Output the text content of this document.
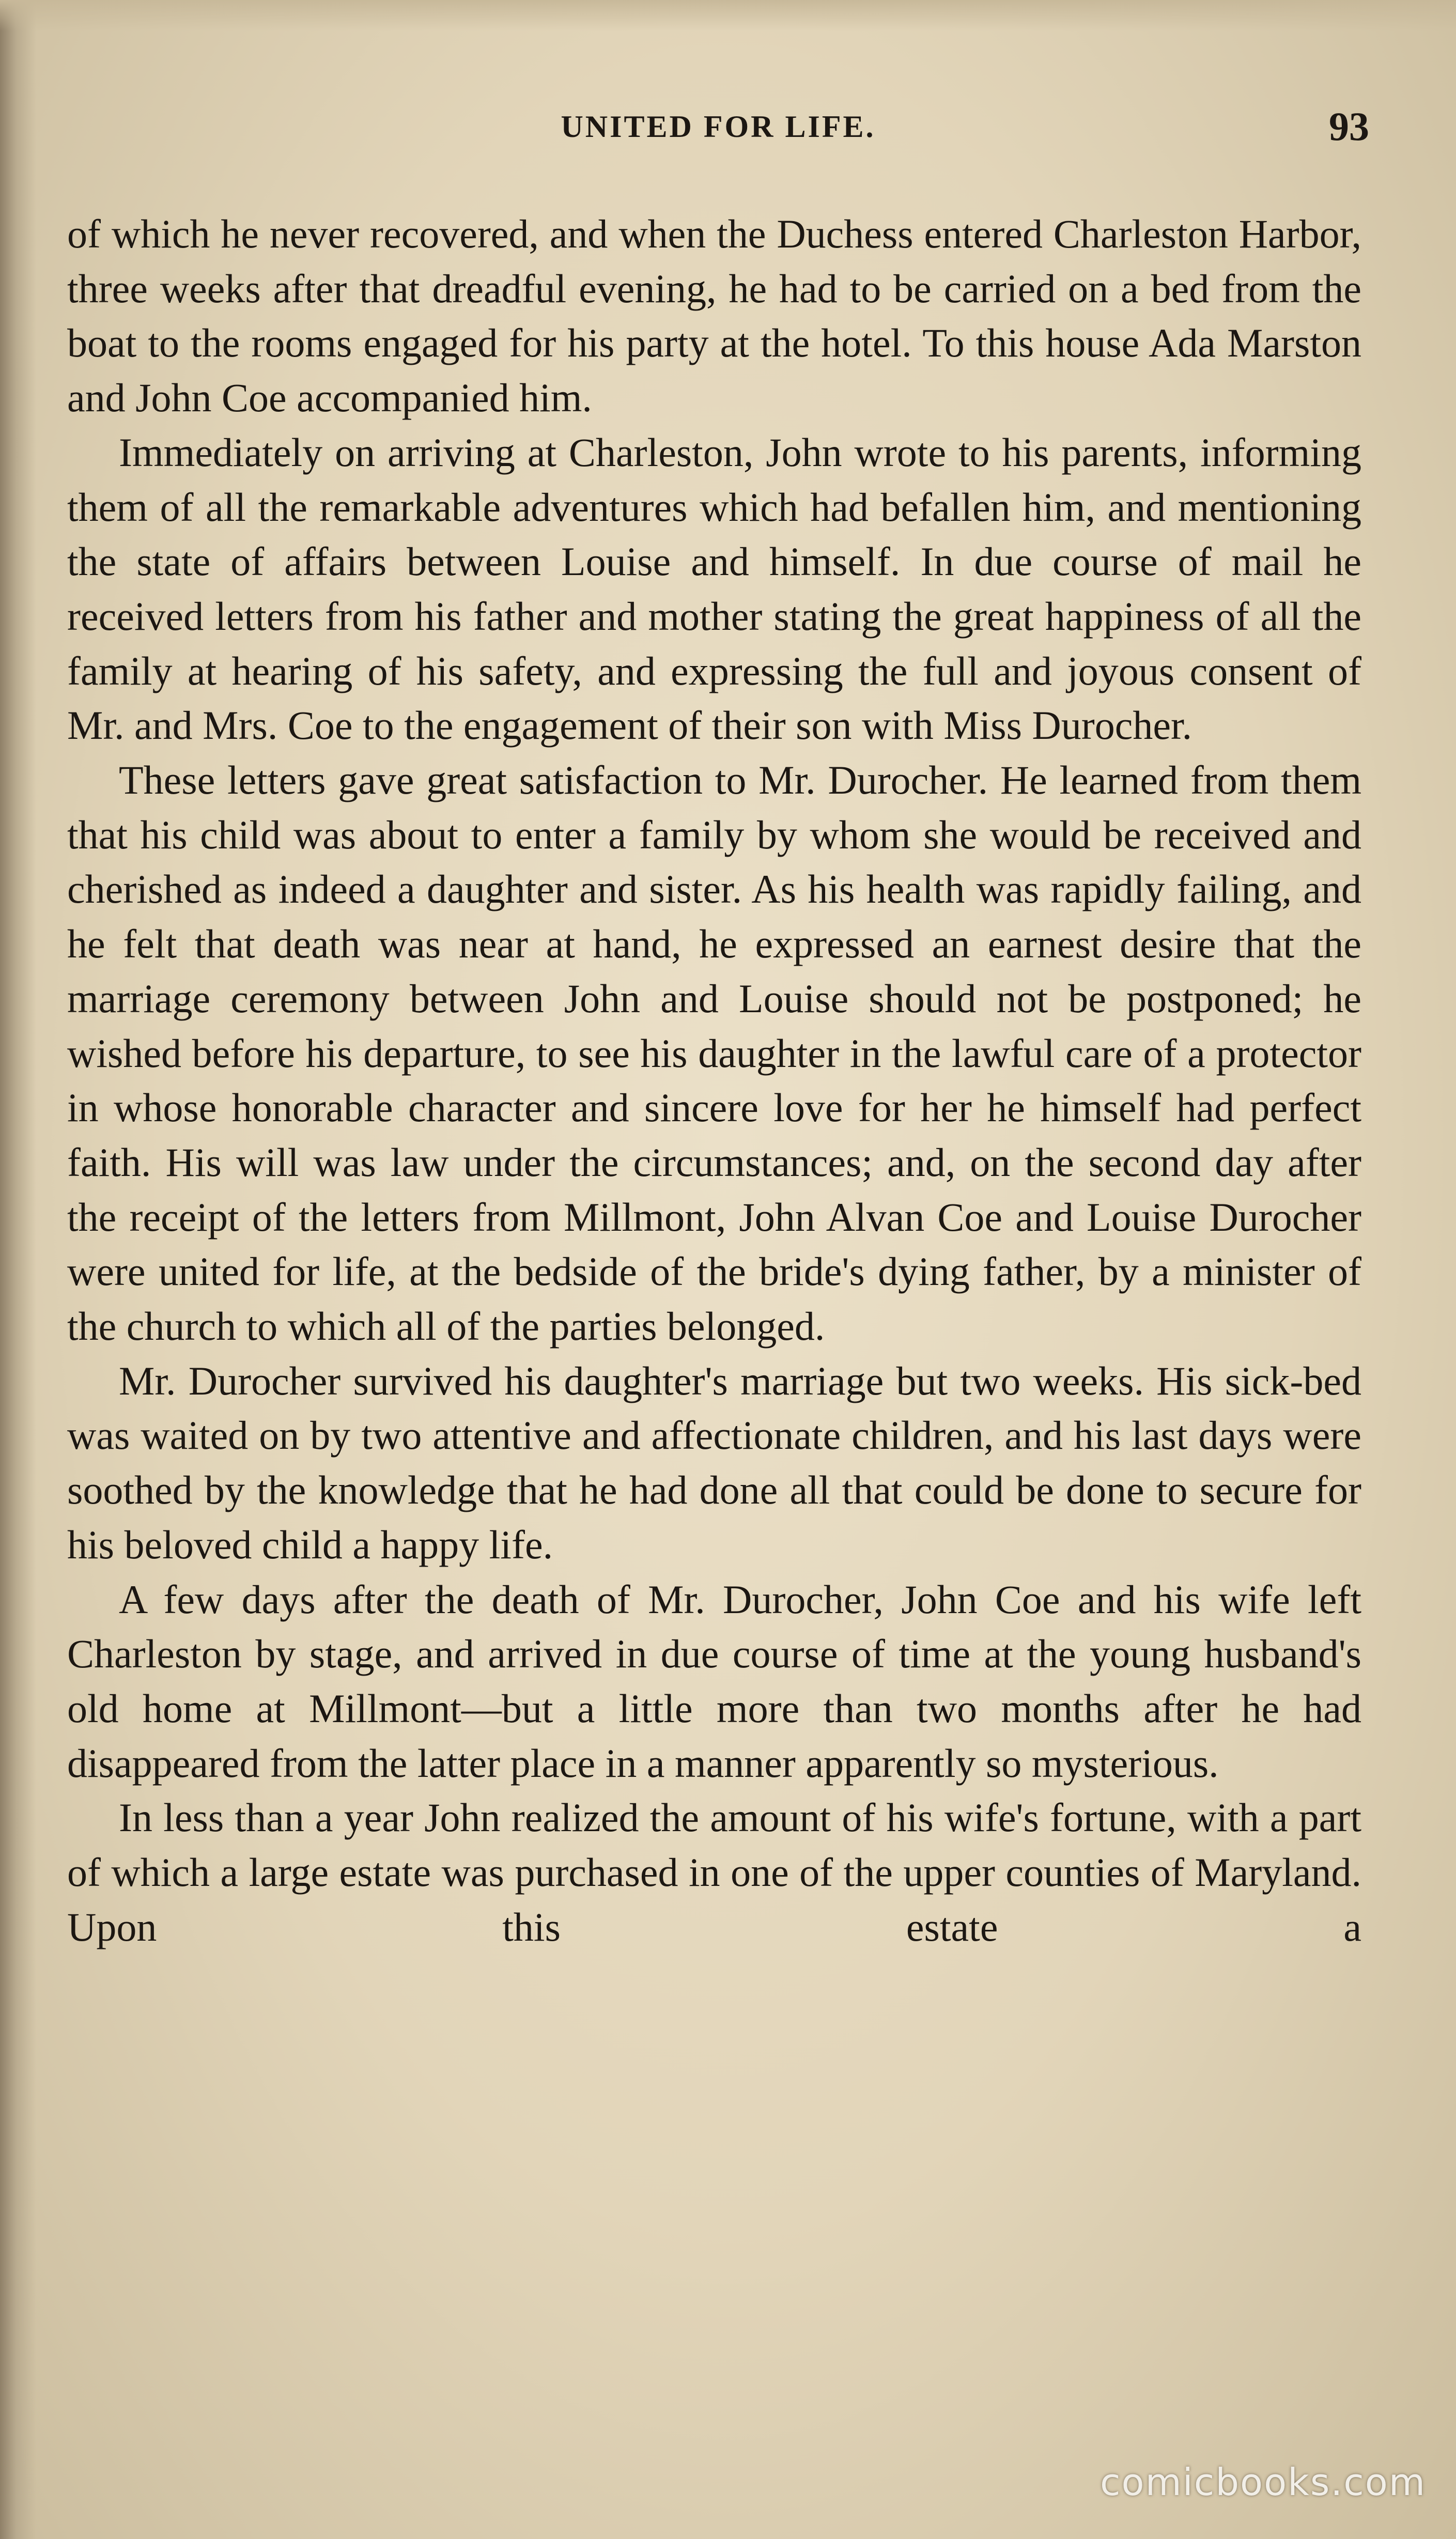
UNITED FOR LIFE.	93

of which he never recovered, and when the Duchess entered Charleston Harbor, three weeks after that dreadful evening, he had to be carried on a bed from the boat to the rooms engaged for his party at the hotel. To this house Ada Marston and John Coe accompanied him.

Immediately on arriving at Charleston, John wrote to his parents, informing them of all the remarkable adventures which had befallen him, and mentioning the state of affairs between Louise and himself. In due course of mail he received letters from his father and mother stating the great happiness of all the family at hearing of his safety, and expressing the full and joyous consent of Mr. and Mrs. Coe to the engagement of their son with Miss Durocher.

These letters gave great satisfaction to Mr. Durocher. He learned from them that his child was about to enter a family by whom she would be received and cherished as indeed a daughter and sister. As his health was rapidly failing, and he felt that death was near at hand, he expressed an earnest desire that the marriage ceremony between John and Louise should not be postponed; he wished before his departure, to see his daughter in the lawful care of a protector in whose honorable character and sincere love for her he himself had perfect faith. His will was law under the circumstances; and, on the second day after the receipt of the letters from Millmont, John Alvan Coe and Louise Durocher were united for life, at the bedside of the bride's dying father, by a minister of the church to which all of the parties belonged.

Mr. Durocher survived his daughter's marriage but two weeks. His sick-bed was waited on by two attentive and affectionate children, and his last days were soothed by the knowledge that he had done all that could be done to secure for his beloved child a happy life.

A few days after the death of Mr. Durocher, John Coe and his wife left Charleston by stage, and arrived in due course of time at the young husband's old home at Millmont—but a little more than two months after he had disappeared from the latter place in a manner apparently so mysterious.

In less than a year John realized the amount of his wife's fortune, with a part of which a large estate was purchased in one of the upper counties of Maryland. Upon this estate a

comicbooks.com
